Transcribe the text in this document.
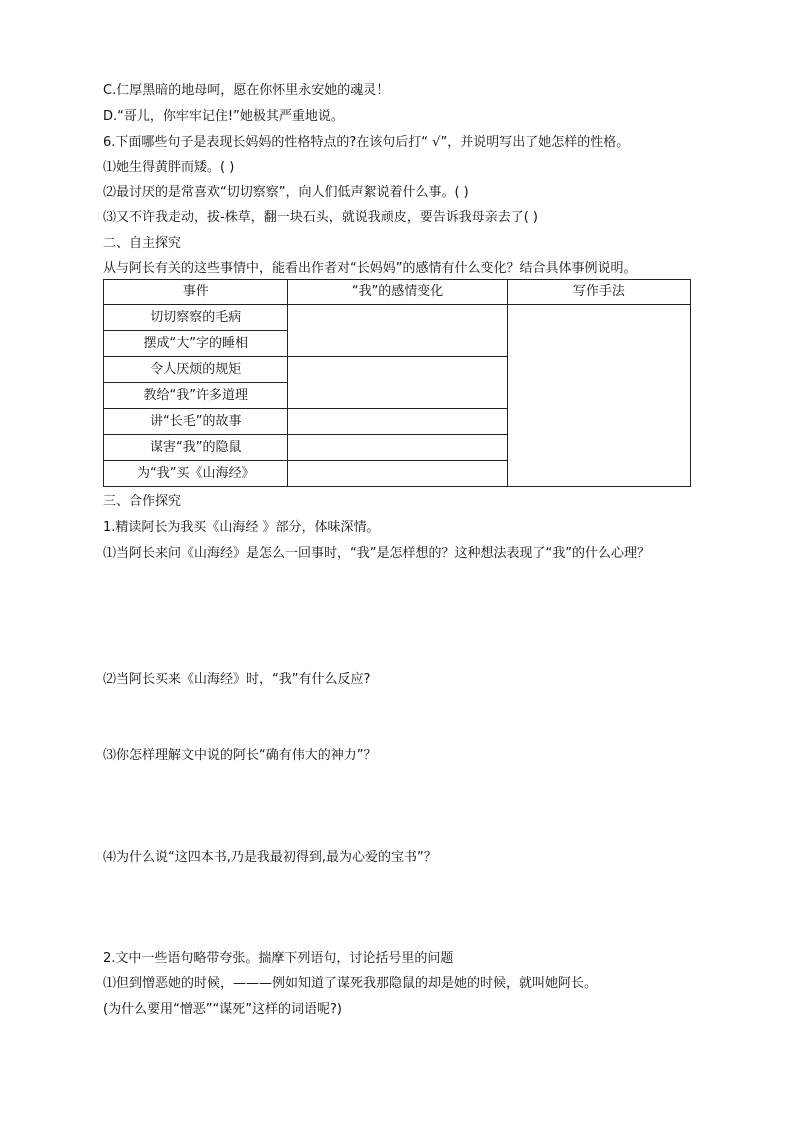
C.仁厚黑暗的地母呵，愿在你怀里永安她的魂灵！
D.“哥儿，你牢牢记住!”她极其严重地说。
6.下面哪些句子是表现长妈妈的性格特点的?在该句后打“ √”，并说明写出了她怎样的性格。
⑴她生得黄胖而矮。( )
⑵最讨厌的是常喜欢“切切察察”，向人们低声絮说着什么事。( )
⑶又不许我走动，拔-株草，翻一块石头，就说我顽皮，要告诉我母亲去了( )
二、自主探究
从与阿长有关的这些事情中，能看出作者对“长妈妈”的感情有什么变化？结合具体事例说明。
事件	“我”的感情变化	写作手法
切切察察的毛病		
摆成“大”字的睡相		
令人厌烦的规矩		
教给“我”许多道理		
讲“长毛”的故事		
谋害“我”的隐鼠		
为“我”买《山海经》		
三、合作探究
1.精读阿长为我买《山海经 》部分，体味深情。
⑴当阿长来问《山海经》是怎么一回事时，“我”是怎样想的？这种想法表现了“我”的什么心理？
⑵当阿长买来《山海经》时，“我”有什么反应?
⑶你怎样理解文中说的阿长“确有伟大的神力”？
⑷为什么说“这四本书,乃是我最初得到,最为心爱的宝书”？
2.文中一些语句略带夸张。揣摩下列语句，讨论括号里的问题
⑴但到憎恶她的时候，———例如知道了谋死我那隐鼠的却是她的时候，就叫她阿长。
(为什么要用“憎恶”“谋死”这样的词语呢?)
